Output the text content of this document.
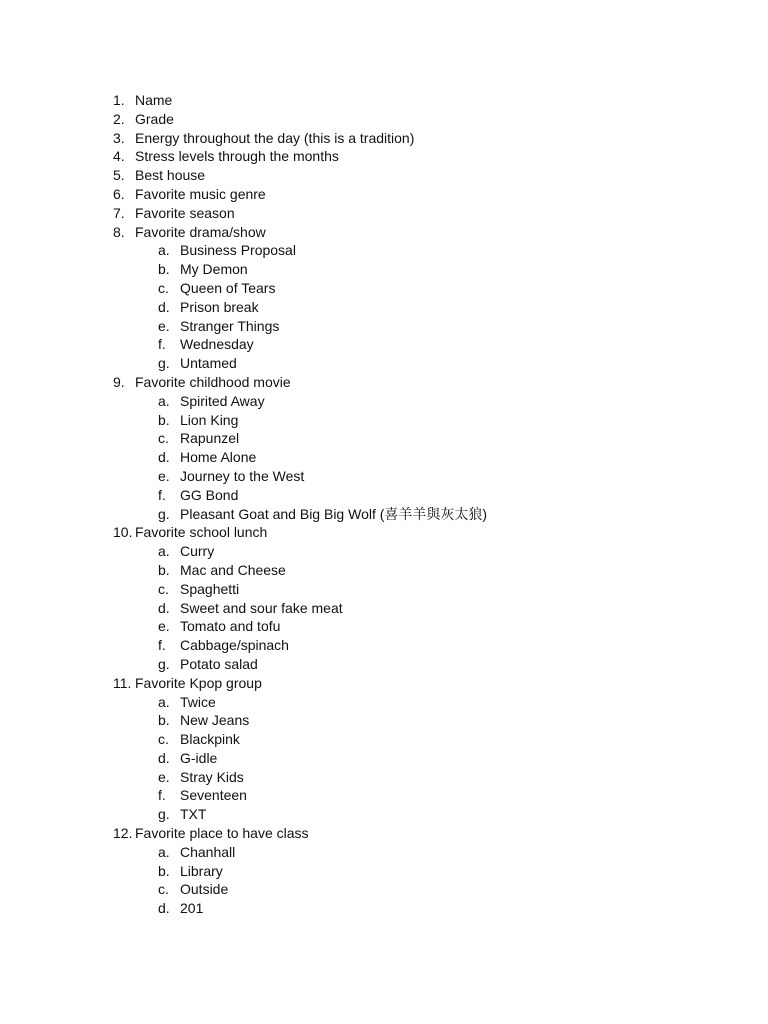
1. Name
2. Grade
3. Energy throughout the day (this is a tradition)
4. Stress levels through the months
5. Best house
6. Favorite music genre
7. Favorite season
8. Favorite drama/show
a. Business Proposal
b. My Demon
c. Queen of Tears
d. Prison break
e. Stranger Things
f. Wednesday
g. Untamed
9. Favorite childhood movie
a. Spirited Away
b. Lion King
c. Rapunzel
d. Home Alone
e. Journey to the West
f. GG Bond
g. Pleasant Goat and Big Big Wolf (喜羊羊與灰太狼)
10. Favorite school lunch
a. Curry
b. Mac and Cheese
c. Spaghetti
d. Sweet and sour fake meat
e. Tomato and tofu
f. Cabbage/spinach
g. Potato salad
11. Favorite Kpop group
a. Twice
b. New Jeans
c. Blackpink
d. G-idle
e. Stray Kids
f. Seventeen
g. TXT
12. Favorite place to have class
a. Chanhall
b. Library
c. Outside
d. 201
